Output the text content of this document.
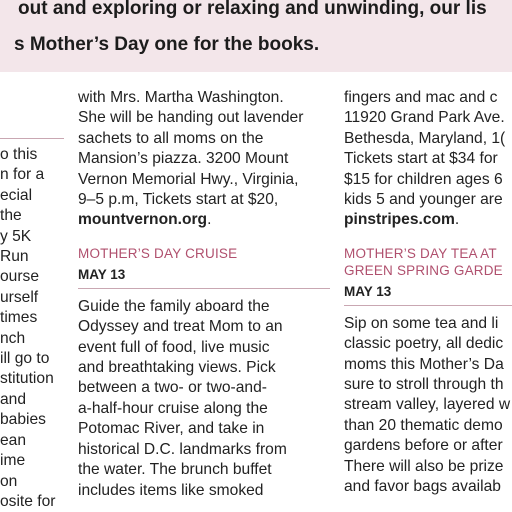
out and exploring or relaxing and unwinding, our lis
s Mother’s Day one for the books.

o this

n for a

ecial

the

y 5K

Run

ourse

urself

times

nch

ill go to

stitution

and

babies

ean

ime

on

osite for

with Mrs. Martha Washington.

She will be handing out lavender

sachets to all moms on the

Mansion’s piazza. 3200 Mount

Vernon Memorial Hwy., Virginia,

9–5 p.m, Tickets start at $20,

mountvernon.org.

MOTHER’S DAY CRUISE
MAY 13

Guide the family aboard the

Odyssey and treat Mom to an

event full of food, live music

and breathtaking views. Pick

between a two- or two-and-

a-half-hour cruise along the

Potomac River, and take in

historical D.C. landmarks from

the water. The brunch buffet

includes items like smoked

fingers and mac and c

11920 Grand Park Ave.

Bethesda, Maryland, 1(

Tickets start at $34 for

$15 for children ages 6

kids 5 and younger are

pinstripes.com.

MOTHER’S DAY TEA AT
GREEN SPRING GARDE
MAY 13

Sip on some tea and li

classic poetry, all dedic

moms this Mother’s Da

sure to stroll through th

stream valley, layered w

than 20 thematic demo

gardens before or after

There will also be prize

and favor bags availab
